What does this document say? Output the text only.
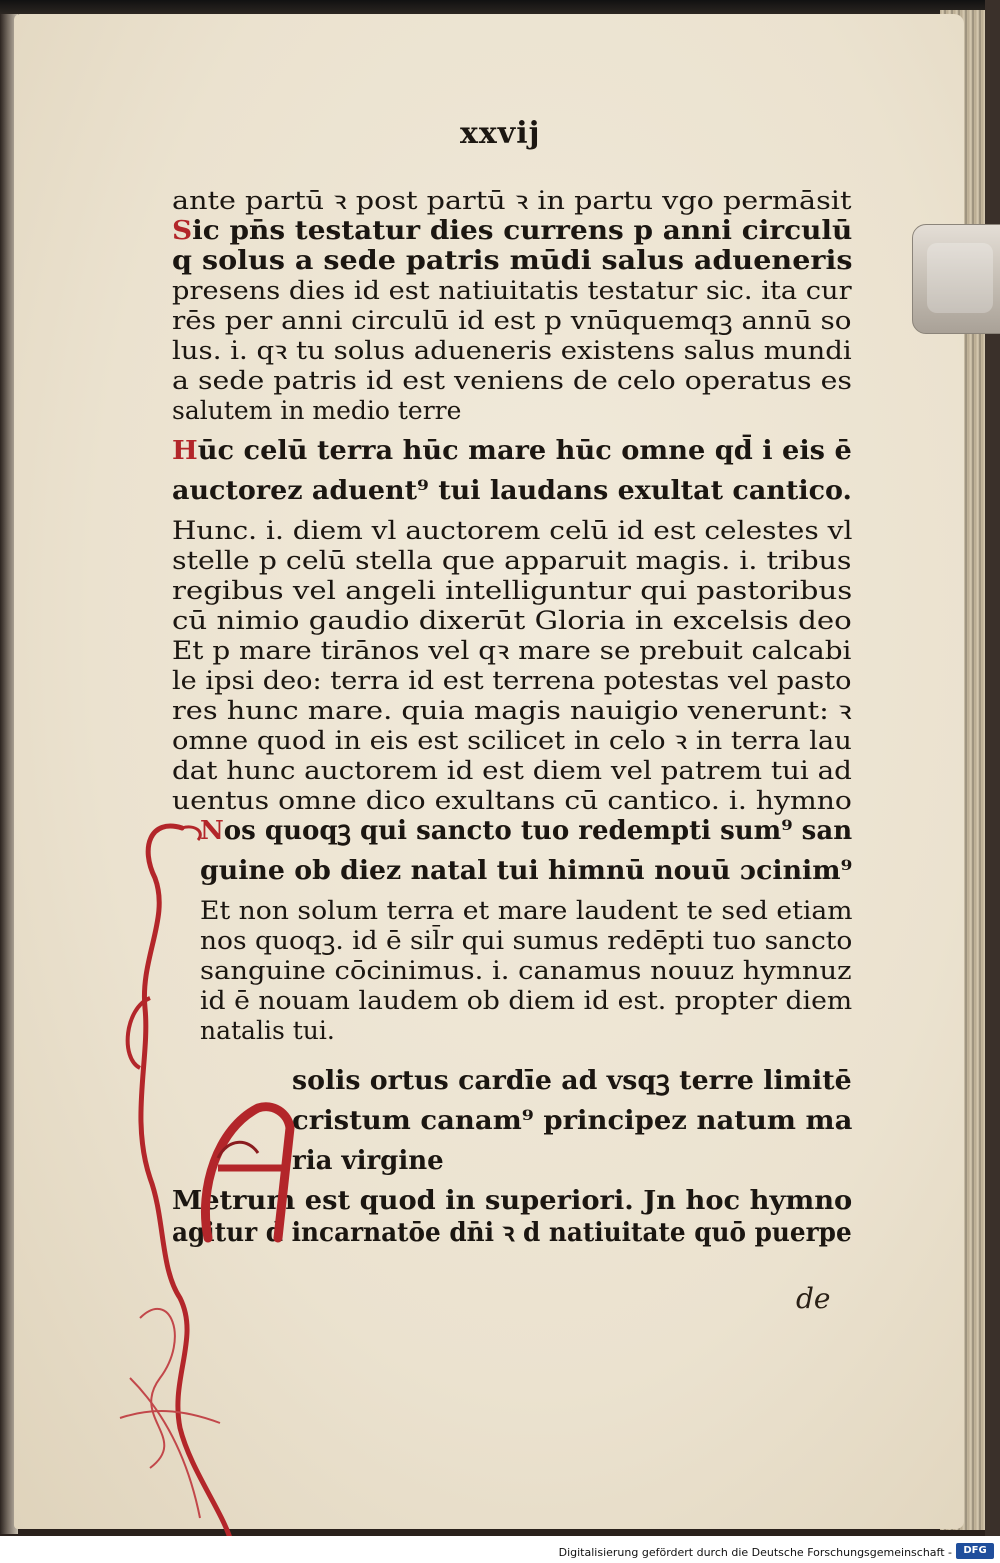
xxvij
ante partū ꝛ post partū ꝛ in partu vgo permāsit
Sic pn̄s testatur dies currens p anni circulū
q solus a sede patris mūdi salus adueneris
presens dies id est natiuitatis testatur sic. ita cur
rēs per anni circulū id est p vnūquemqꝫ annū so
lus. i. qꝛ tu solus adueneris existens salus mundi
a sede patris id est veniens de celo operatus es
salutem in medio terre
Hūc celū terra hūc mare hūc omne qd̄ i eis ē
auctorez aduent⁹ tui laudans exultat cantico.
Hunc. i. diem vl auctorem celū id est celestes vl
stelle p celū stella que apparuit magis. i. tribus
regibus vel angeli intelliguntur qui pastoribus
cū nimio gaudio dixerūt Gloria in excelsis deo
Et p mare tirānos vel qꝛ mare se prebuit calcabi
le ipsi deo: terra id est terrena potestas vel pasto
res hunc mare. quia magis nauigio venerunt: ꝛ
omne quod in eis est scilicet in celo ꝛ in terra lau
dat hunc auctorem id est diem vel patrem tui ad
uentus omne dico exultans cū cantico. i. hymno
Nos quoqꝫ qui sancto tuo redempti sum⁹ san
guine ob diez natal tui himnū nouū ɔcinim⁹
Et non solum terra et mare laudent te sed etiam
nos quoqꝫ. id ē sil̄r qui sumus redēpti tuo sancto
sanguine cōcinimus. i. canamus nouuz hymnuz
id ē nouam laudem ob diem id est. propter diem
natalis tui.
solis ortus cardīe ad vsqꝫ terre limitē
cristum canam⁹ principez natum ma
ria virgine
Metrum est quod in superiori. Jn hoc hymno
agitur d incarnatōe dn̄i ꝛ d natiuitate quō puerpe
de
Digitalisierung gefördert durch die Deutsche Forschungsgemeinschaft -	DFG
